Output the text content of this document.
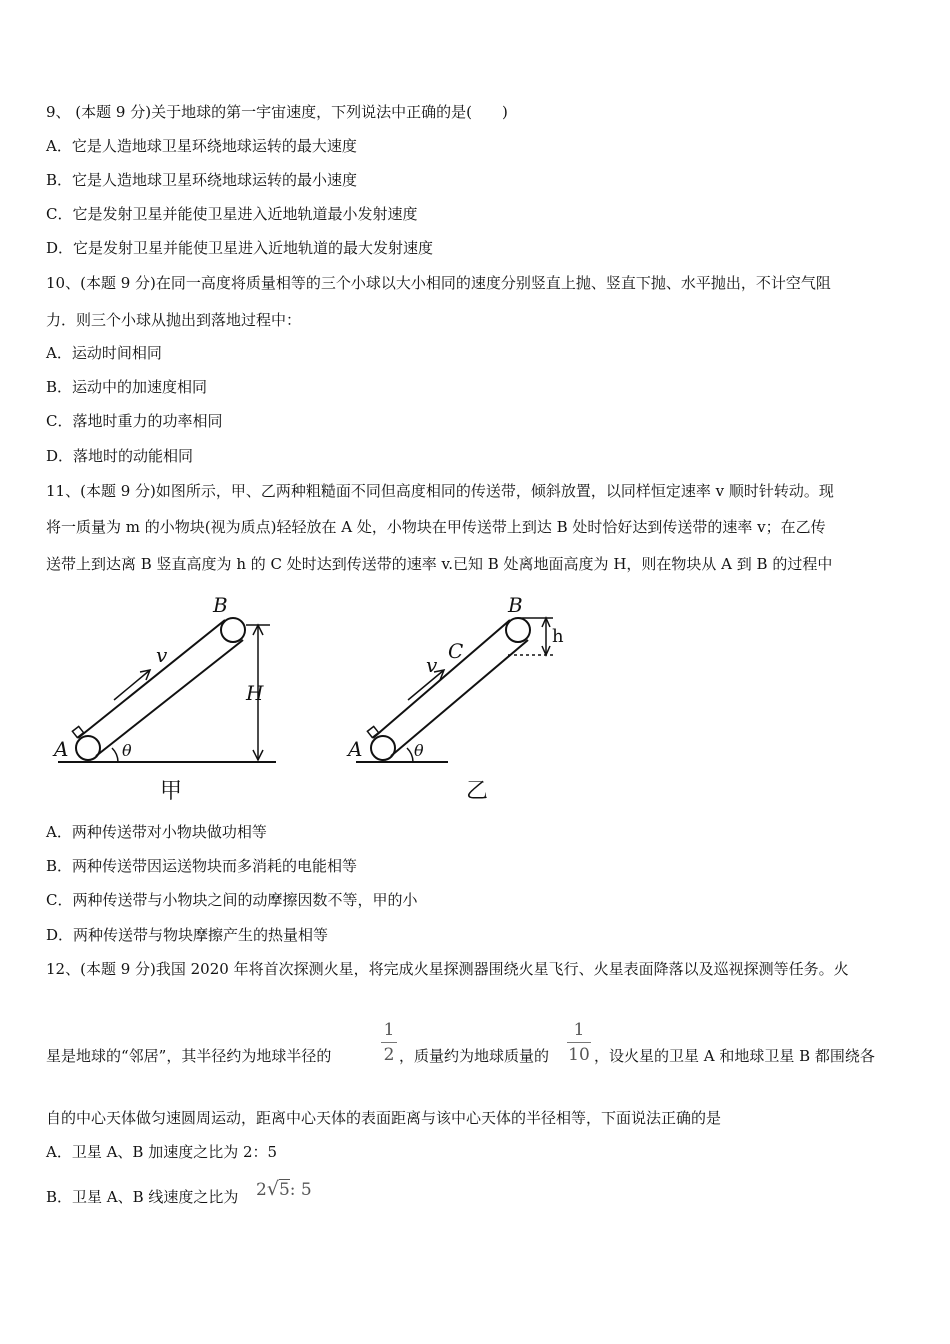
9、 (本题 9 分)关于地球的第一宇宙速度，下列说法中正确的是(　　)
A．它是人造地球卫星环绕地球运转的最大速度
B．它是人造地球卫星环绕地球运转的最小速度
C．它是发射卫星并能使卫星进入近地轨道最小发射速度
D．它是发射卫星并能使卫星进入近地轨道的最大发射速度
10、(本题 9 分)在同一高度将质量相等的三个小球以大小相同的速度分别竖直上抛、竖直下抛、水平抛出，不计空气阻
力．则三个小球从抛出到落地过程中：
A．运动时间相同
B．运动中的加速度相同
C．落地时重力的功率相同
D．落地时的动能相同
11、(本题 9 分)如图所示，甲、乙两种粗糙面不同但高度相同的传送带，倾斜放置，以同样恒定速率 v 顺时针转动。现
将一质量为 m 的小物块(视为质点)轻轻放在 A 处，小物块在甲传送带上到达 B 处时恰好达到传送带的速率 v；在乙传
送带上到达离 B 竖直高度为 h 的 C 处时达到传送带的速率 v.已知 B 处离地面高度为 H，则在物块从 A 到 B 的过程中
B
A
H
v
θ
甲
B
A
C
h
v
θ
乙
A．两种传送带对小物块做功相等
B．两种传送带因运送物块而多消耗的电能相等
C．两种传送带与小物块之间的动摩擦因数不等，甲的小
D．两种传送带与物块摩擦产生的热量相等
12、(本题 9 分)我国 2020 年将首次探测火星，将完成火星探测器围绕火星飞行、火星表面降落以及巡视探测等任务。火
星是地球的“邻居”，其半径约为地球半径的
1
2 ，质量约为地球质量的
1
10 ，设火星的卫星 A 和地球卫星 B 都围绕各
自的中心天体做匀速圆周运动，距离中心天体的表面距离与该中心天体的半径相等，下面说法正确的是
A．卫星 A、B 加速度之比为 2：5
B．卫星 A、B 线速度之比为 2√5: 5
